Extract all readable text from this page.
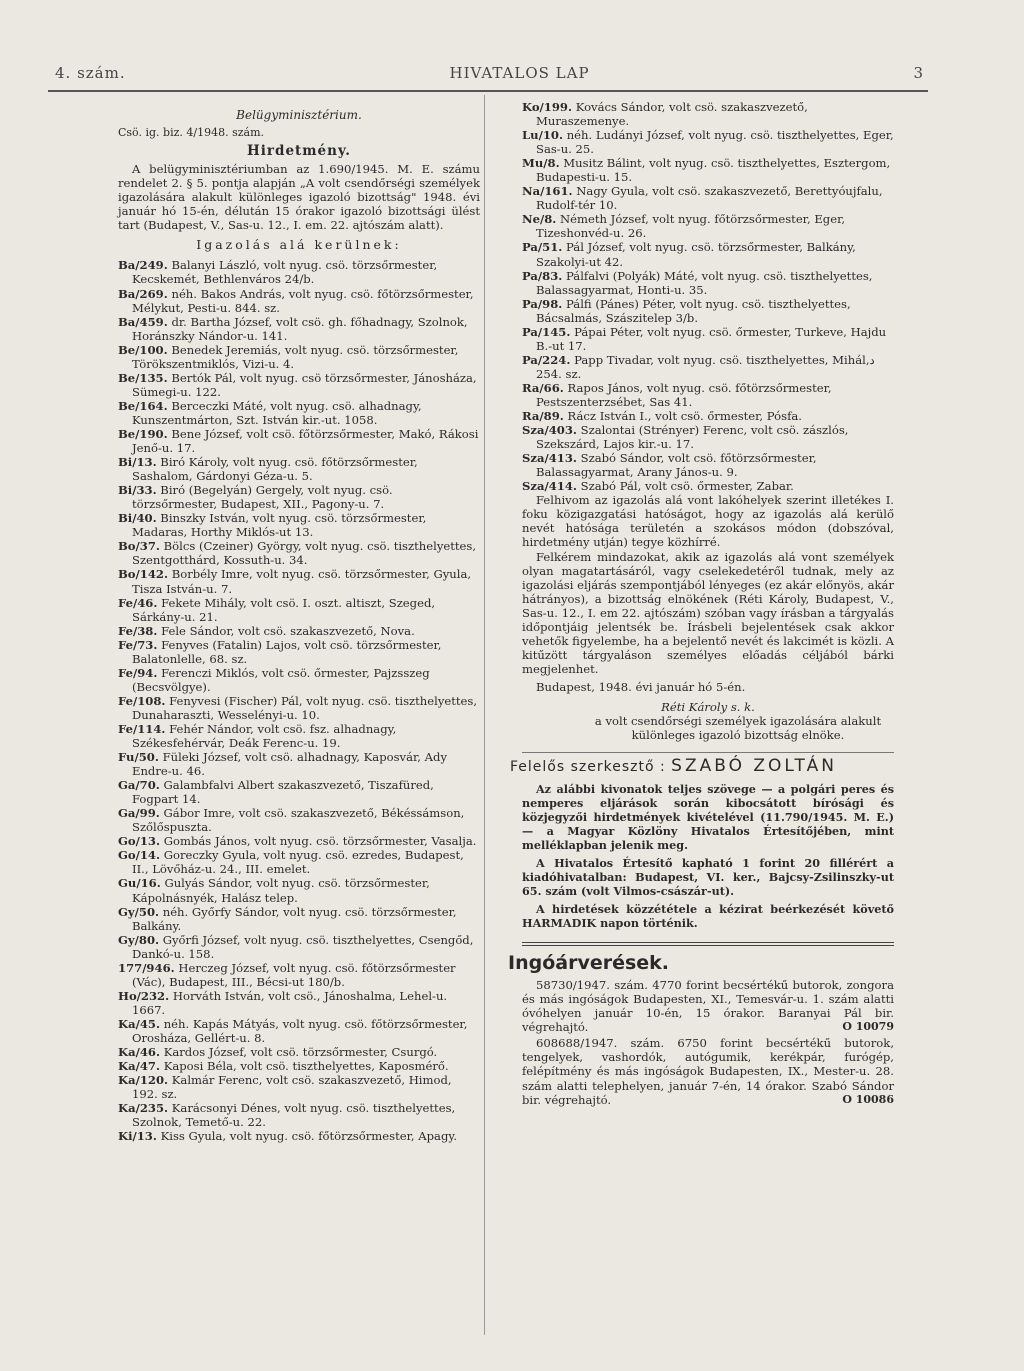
4. szám.	HIVATALOS LAP	3
Belügyminisztérium.
Csö. ig. biz. 4/1948. szám.
Hirdetmény.
A belügyminisztériumban az 1.690/1945. M. E. számu rendelet 2. § 5. pontja alapján „A volt csendőrségi személyek igazolására alakult különleges igazoló bizottság" 1948. évi január hó 15-én, délután 15 órakor igazoló bizottsági ülést tart (Budapest, V., Sas-u. 12., I. em. 22. ajtószám alatt).
Igazolás alá kerülnek:
Ba/249. Balanyi László, volt nyug. csö. törzsőrmester, Kecskemét, Bethlenváros 24/b.
Ba/269. néh. Bakos András, volt nyug. csö. főtörzsőrmester, Mélykut, Pesti-u. 844. sz.
Ba/459. dr. Bartha József, volt csö. gh. főhadnagy, Szolnok, Horánszky Nándor-u. 141.
Be/100. Benedek Jeremiás, volt nyug. csö. törzsőrmester, Törökszentmiklós, Vizi-u. 4.
Be/135. Bertók Pál, volt nyug. csö törzsőrmester, Jánosháza, Sümegi-u. 122.
Be/164. Berceczki Máté, volt nyug. csö. alhadnagy, Kunszentmárton, Szt. István kir.-ut. 1058.
Be/190. Bene József, volt csö. főtörzsőrmester, Makó, Rákosi Jenő-u. 17.
Bi/13. Biró Károly, volt nyug. csö. főtörzsőrmester, Sashalom, Gárdonyi Géza-u. 5.
Bi/33. Biró (Begelyán) Gergely, volt nyug. csö. törzsőrmester, Budapest, XII., Pagony-u. 7.
Bi/40. Binszky István, volt nyug. csö. törzsőrmester, Madaras, Horthy Miklós-ut 13.
Bo/37. Bölcs (Czeiner) György, volt nyug. csö. tiszthelyettes, Szentgotthárd, Kossuth-u. 34.
Bo/142. Borbély Imre, volt nyug. csö. törzsőrmester, Gyula, Tisza István-u. 7.
Fe/46. Fekete Mihály, volt csö. I. oszt. altiszt, Szeged, Sárkány-u. 21.
Fe/38. Fele Sándor, volt csö. szakaszvezető, Nova.
Fe/73. Fenyves (Fatalin) Lajos, volt csö. törzsőrmester, Balatonlelle, 68. sz.
Fe/94. Ferenczi Miklós, volt csö. őrmester, Pajzsszeg (Becsvölgye).
Fe/108. Fenyvesi (Fischer) Pál, volt nyug. csö. tiszthelyettes, Dunaharaszti, Wesselényi-u. 10.
Fe/114. Fehér Nándor, volt csö. fsz. alhadnagy, Székesfehérvár, Deák Ferenc-u. 19.
Fu/50. Füleki József, volt csö. alhadnagy, Kaposvár, Ady Endre-u. 46.
Ga/70. Galambfalvi Albert szakaszvezető, Tiszafüred, Fogpart 14.
Ga/99. Gábor Imre, volt csö. szakaszvezető, Békéssámson, Szőlőspuszta.
Go/13. Gombás János, volt nyug. csö. törzsőrmester, Vasalja.
Go/14. Goreczky Gyula, volt nyug. csö. ezredes, Budapest, II., Lövőház-u. 24., III. emelet.
Gu/16. Gulyás Sándor, volt nyug. csö. törzsőrmester, Kápolnásnyék, Halász telep.
Gy/50. néh. Győrfy Sándor, volt nyug. csö. törzsőrmester, Balkány.
Gy/80. Győrfi József, volt nyug. csö. tiszthelyettes, Csengőd, Dankó-u. 158.
177/946. Herczeg József, volt nyug. csö. főtörzsőrmester (Vác), Budapest, III., Bécsi-ut 180/b.
Ho/232. Horváth István, volt csö., Jánoshalma, Lehel-u. 1667.
Ka/45. néh. Kapás Mátyás, volt nyug. csö. főtörzsőrmester, Orosháza, Gellért-u. 8.
Ka/46. Kardos József, volt csö. törzsőrmester, Csurgó.
Ka/47. Kaposi Béla, volt csö. tiszthelyettes, Kaposmérő.
Ka/120. Kalmár Ferenc, volt csö. szakaszvezető, Himod, 192. sz.
Ka/235. Karácsonyi Dénes, volt nyug. csö. tiszthelyettes, Szolnok, Temető-u. 22.
Ki/13. Kiss Gyula, volt nyug. csö. főtörzsőrmester, Apagy.
Ko/199. Kovács Sándor, volt csö. szakaszvezető, Muraszemenye.
Lu/10. néh. Ludányi József, volt nyug. csö. tiszthelyettes, Eger, Sas-u. 25.
Mu/8. Musitz Bálint, volt nyug. csö. tiszthelyettes, Esztergom, Budapesti-u. 15.
Na/161. Nagy Gyula, volt csö. szakaszvezető, Berettyóujfalu, Rudolf-tér 10.
Ne/8. Németh József, volt nyug. főtörzsőrmester, Eger, Tizeshonvéd-u. 26.
Pa/51. Pál József, volt nyug. csö. törzsőrmester, Balkány, Szakolyi-ut 42.
Pa/83. Pálfalvi (Polyák) Máté, volt nyug. csö. tiszthelyettes, Balassagyarmat, Honti-u. 35.
Pa/98. Pálfi (Pánes) Péter, volt nyug. csö. tiszthelyettes, Bácsalmás, Szászitelep 3/b.
Pa/145. Pápai Péter, volt nyug. csö. őrmester, Turkeve, Hajdu B.-ut 17.
Pa/224. Papp Tivadar, volt nyug. csö. tiszthelyettes, Mihálد, 254. sz.
Ra/66. Rapos János, volt nyug. csö. főtörzsőrmester, Pestszenterzsébet, Sas 41.
Ra/89. Rácz István I., volt csö. őrmester, Pósfa.
Sza/403. Szalontai (Strényer) Ferenc, volt csö. zászlós, Szekszárd, Lajos kir.-u. 17.
Sza/413. Szabó Sándor, volt csö. főtörzsőrmester, Balassagyarmat, Arany János-u. 9.
Sza/414. Szabó Pál, volt csö. őrmester, Zabar.
Felhivom az igazolás alá vont lakóhelyek szerint illetékes I. foku közigazgatási hatóságot, hogy az igazolás alá kerülő nevét hatósága területén a szokásos módon (dobszóval, hirdetmény utján) tegye közhírré.
Felkérem mindazokat, akik az igazolás alá vont személyek olyan magatartásáról, vagy cselekedetéről tudnak, mely az igazolási eljárás szempontjából lényeges (ez akár előnyös, akár hátrányos), a bizottság elnökének (Réti Károly, Budapest, V., Sas-u. 12., I. em 22. ajtószám) szóban vagy írásban a tárgyalás időpontjáig jelentsék be. Írásbeli bejelentések csak akkor vehetők figyelembe, ha a bejelentő nevét és lakcimét is közli. A kitűzött tárgyaláson személyes előadás céljából bárki megjelenhet.
Budapest, 1948. évi január hó 5-én.
Réti Károly s. k.
a volt csendőrségi személyek igazolására alakult különleges igazoló bizottság elnöke.
Felelős szerkesztő : SZABÓ ZOLTÁN
Az alábbi kivonatok teljes szövege — a polgári peres és nemperes eljárások során kibocsátott bírósági és közjegyzői hirdetmények kivételével (11.790/1945. M. E.) — a Magyar Közlöny Hivatalos Értesítőjében, mint melléklapban jelenik meg.
A Hivatalos Értesítő kapható 1 forint 20 fillérért a kiadóhivatalban: Budapest, VI. ker., Bajcsy-Zsilinszky-ut 65. szám (volt Vilmos-császár-ut).
A hirdetések közzététele a kézirat beérkezését követő HARMADIK napon történik.
Ingóárverések.
58730/1947. szám. 4770 forint becsértékű butorok, zongora és más ingóságok Budapesten, XI., Temesvár-u. 1. szám alatti óvóhelyen január 10-én, 15 órakor. Baranyai Pál bir. végrehajtó.	O 10079
608688/1947. szám. 6750 forint becsértékű butorok, tengelyek, vashordók, autógumik, kerékpár, furógép, felépítmény és más ingóságok Budapesten, IX., Mester-u. 28. szám alatti telephelyen, január 7-én, 14 órakor. Szabó Sándor bir. végrehajtó.	O 10086
